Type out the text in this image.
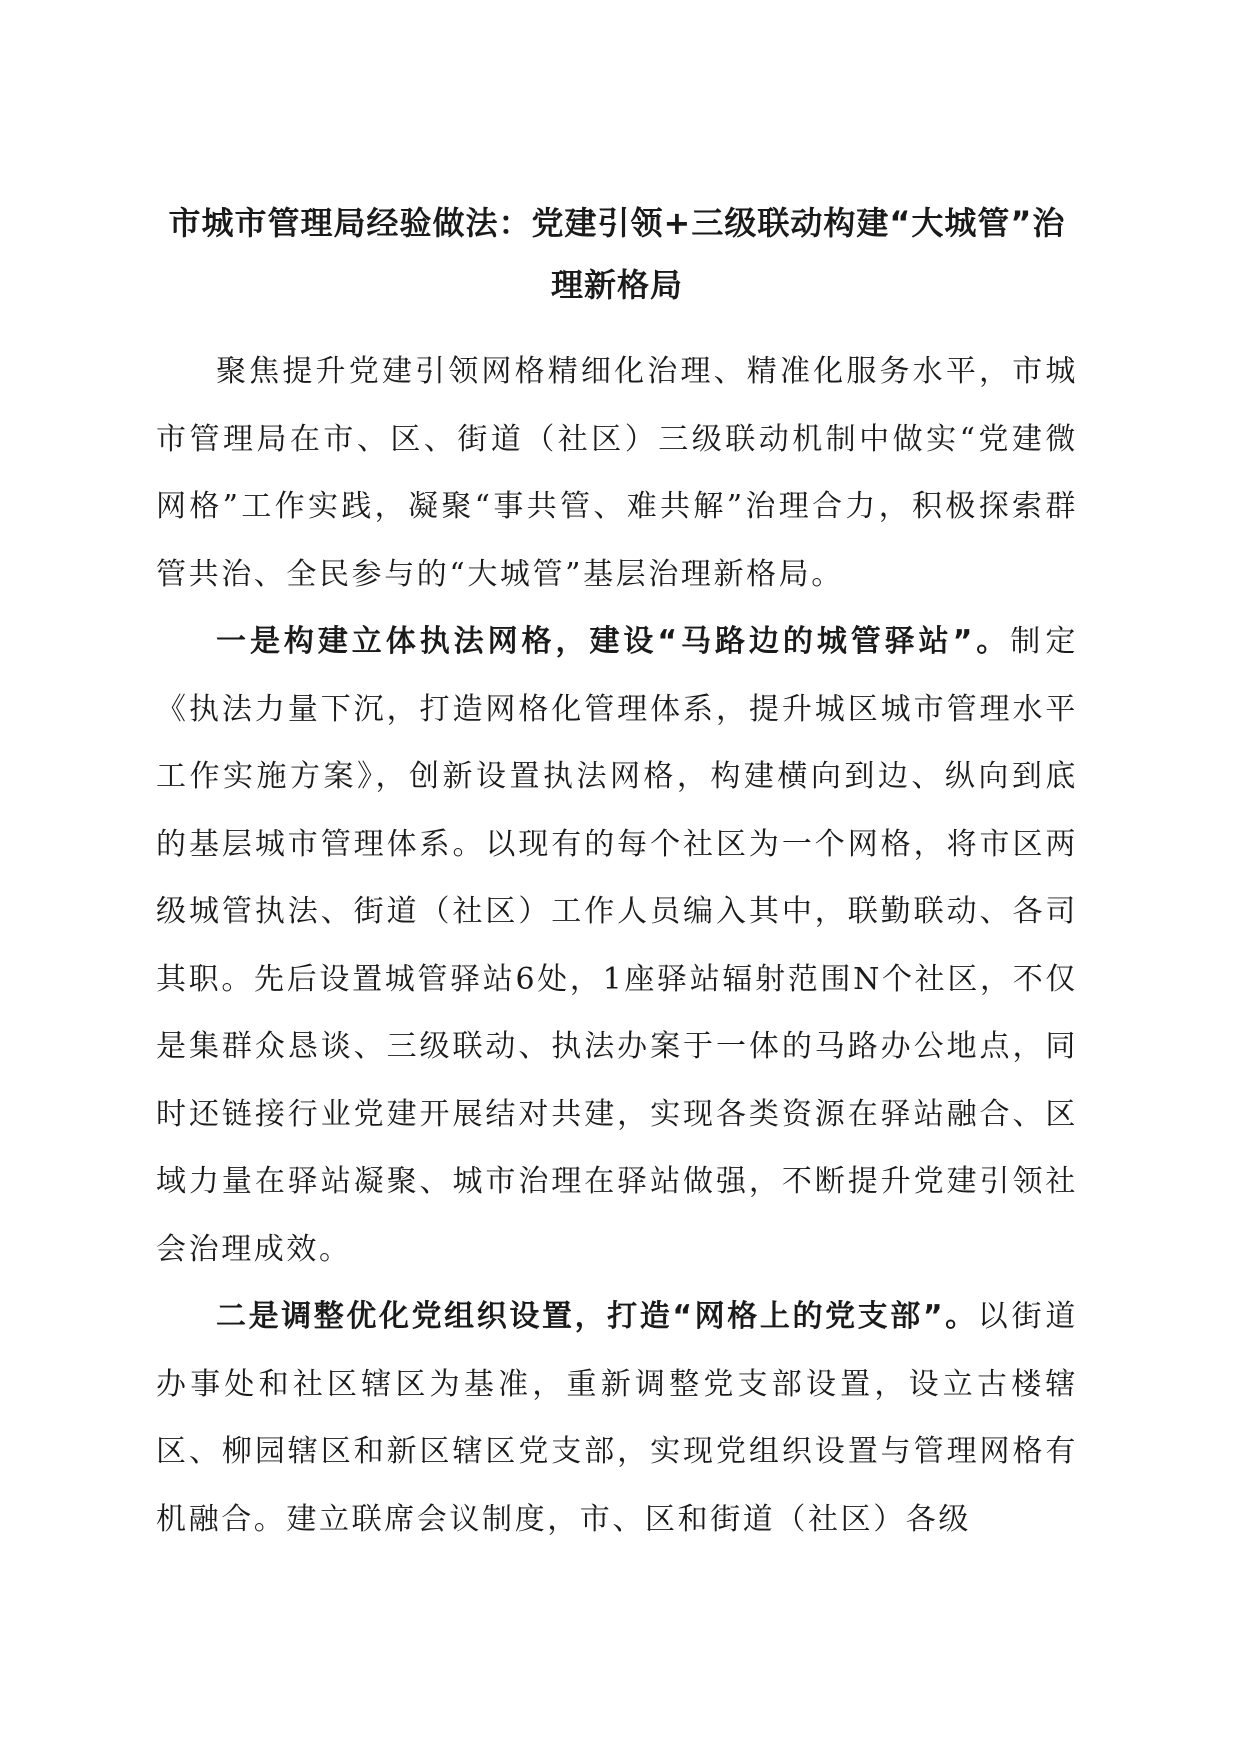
市城市管理局经验做法：党建引领+三级联动构建“大城管”治理新格局

聚焦提升党建引领网格精细化治理、精准化服务水平，市城市管理局在市、区、街道（社区）三级联动机制中做实“党建微网格”工作实践，凝聚“事共管、难共解”治理合力，积极探索群管共治、全民参与的“大城管”基层治理新格局。

一是构建立体执法网格，建设“马路边的城管驿站”。制定《执法力量下沉，打造网格化管理体系，提升城区城市管理水平工作实施方案》，创新设置执法网格，构建横向到边、纵向到底的基层城市管理体系。以现有的每个社区为一个网格，将市区两级城管执法、街道（社区）工作人员编入其中，联勤联动、各司其职。先后设置城管驿站6处，1座驿站辐射范围N个社区，不仅是集群众恳谈、三级联动、执法办案于一体的马路办公地点，同时还链接行业党建开展结对共建，实现各类资源在驿站融合、区域力量在驿站凝聚、城市治理在驿站做强，不断提升党建引领社会治理成效。

二是调整优化党组织设置，打造“网格上的党支部”。以街道办事处和社区辖区为基准，重新调整党支部设置，设立古楼辖区、柳园辖区和新区辖区党支部，实现党组织设置与管理网格有机融合。建立联席会议制度，市、区和街道（社区）各级
